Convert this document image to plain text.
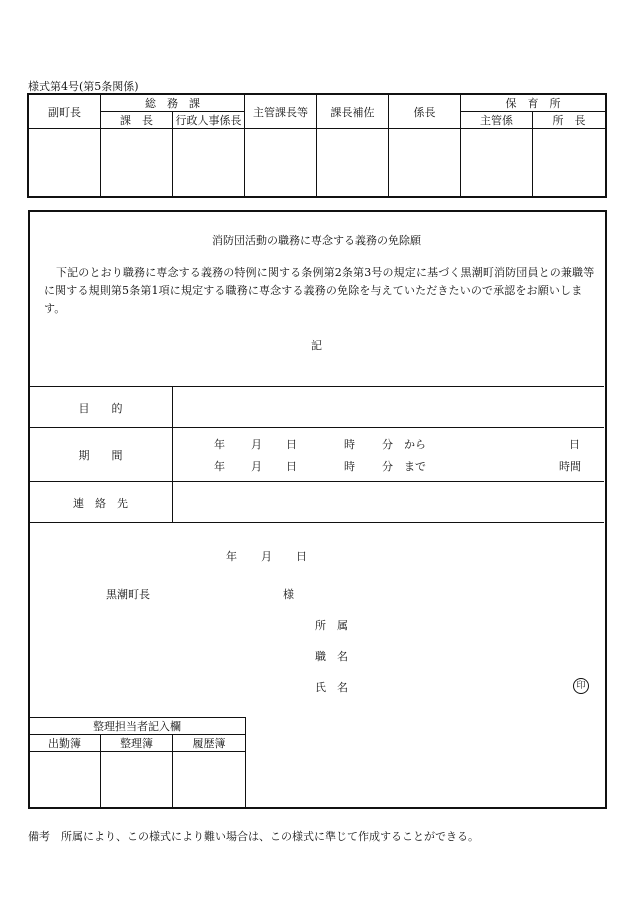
様式第4号(第5条関係)
副町長	総　務　課		主管課長等	課長補佐	係長	保　育　所	
	課　長	行政人事係長				主管係	所　長

消防団活動の職務に専念する義務の免除願
下記のとおり職務に専念する義務の特例に関する条例第2条第3号の規定に基づく黒潮町消防団員との兼職等に関する規則第5条第1項に規定する職務に専念する義務の免除を与えていただきたいので承認をお願いします。
記
目　　的
期　　間
年 月 日	時 分 から	日
年 月 日	時 分 まで	時間
連　絡　先
年 月 日
黒潮町長	様
所　属
職　名
氏　名	印
整理担当者記入欄		
出勤簿	整理簿	履歴簿

備考　所属により、この様式により難い場合は、この様式に準じて作成することができる。
